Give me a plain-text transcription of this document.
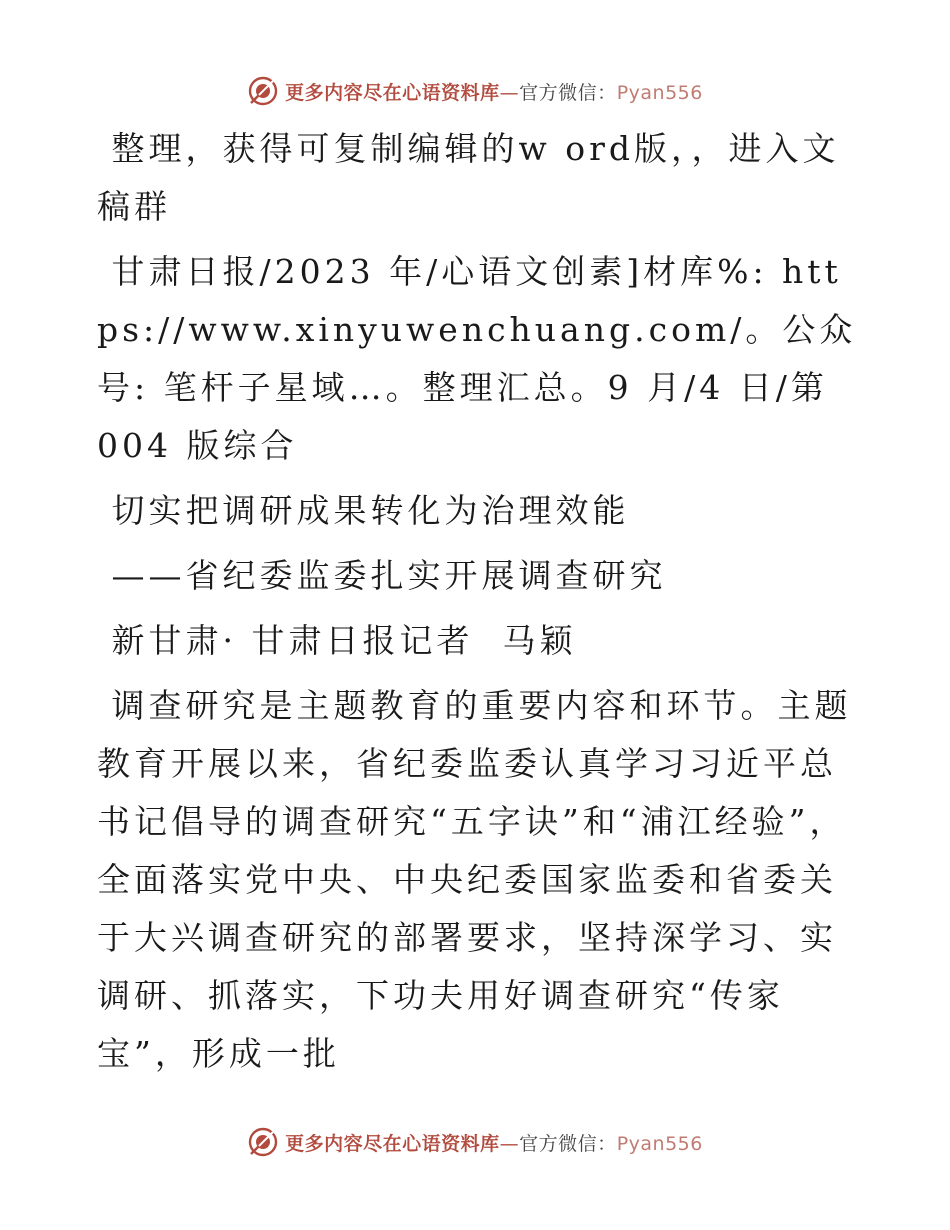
更多内容尽在心语资料库—官方微信：Pyan556

整理，获得可复制编辑的w ord版，，进入文稿群

甘肃日报/2023 年/心语文创素]材库%: https://www.xinyuwenchuang.com/。公众号: 笔杆子星域…。整理汇总。9 月/4 日/第 004 版综合

切实把调研成果转化为治理效能

——省纪委监委扎实开展调查研究

新甘肃· 甘肃日报记者  马颖

调查研究是主题教育的重要内容和环节。主题教育开展以来，省纪委监委认真学习习近平总书记倡导的调查研究“五字诀”和“浦江经验”，全面落实党中央、中央纪委国家监委和省委关于大兴调查研究的部署要求，坚持深学习、实调研、抓落实，下功夫用好调查研究“传家宝”，形成一批

更多内容尽在心语资料库—官方微信：Pyan556
